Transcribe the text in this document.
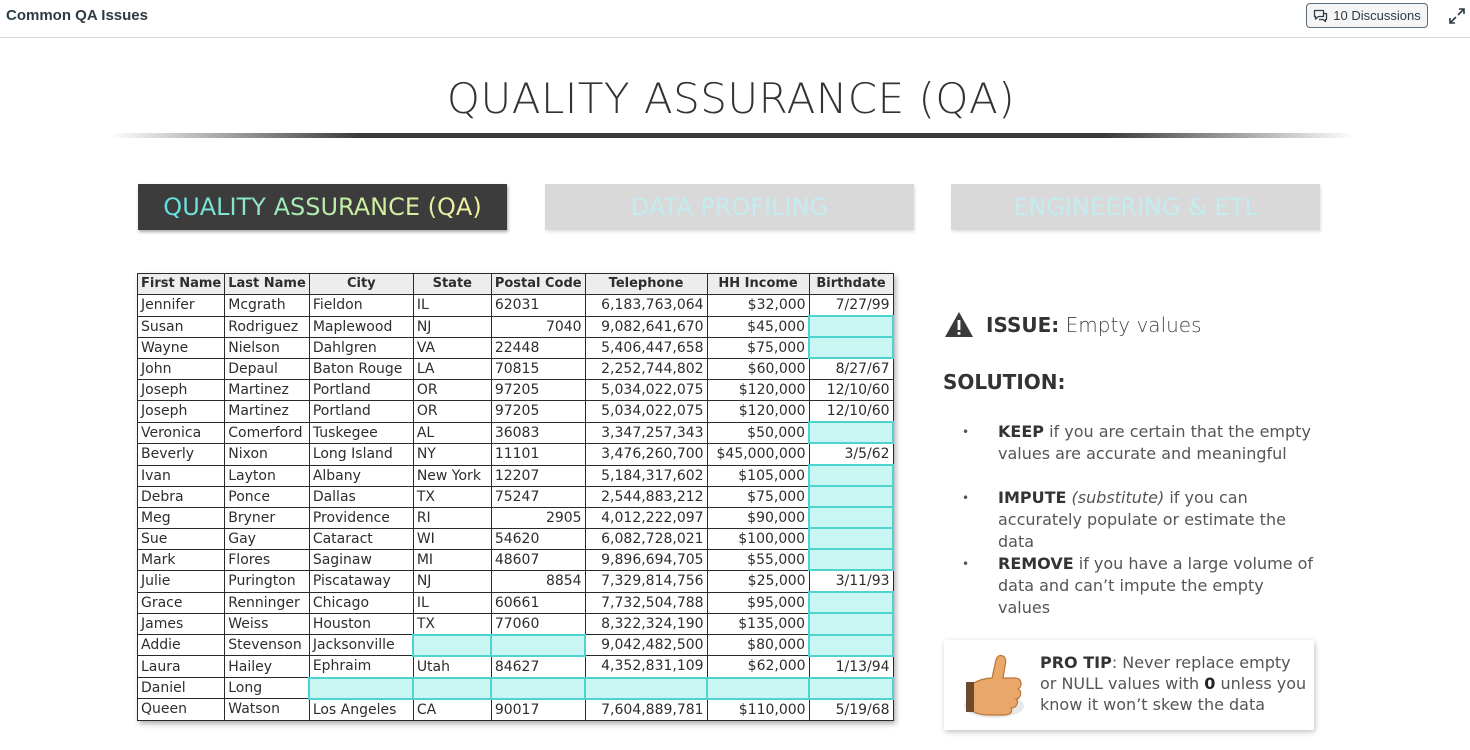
Common QA Issues	10 Discussions
QUALITY ASSURANCE (QA)
QUALITY ASSURANCE (QA)	DATA PROFILING	ENGINEERING & ETL
First Name	Last Name	City	State	Postal Code	Telephone	HH Income	Birthdate
Jennifer	Mcgrath	Fieldon	IL	62031	6,183,763,064	$32,000	7/27/99
Susan	Rodriguez	Maplewood	NJ	7040	9,082,641,670	$45,000	
Wayne	Nielson	Dahlgren	VA	22448	5,406,447,658	$75,000	
John	Depaul	Baton Rouge	LA	70815	2,252,744,802	$60,000	8/27/67
Joseph	Martinez	Portland	OR	97205	5,034,022,075	$120,000	12/10/60
Joseph	Martinez	Portland	OR	97205	5,034,022,075	$120,000	12/10/60
Veronica	Comerford	Tuskegee	AL	36083	3,347,257,343	$50,000	
Beverly	Nixon	Long Island	NY	11101	3,476,260,700	$45,000,000	3/5/62
Ivan	Layton	Albany	New York	12207	5,184,317,602	$105,000	
Debra	Ponce	Dallas	TX	75247	2,544,883,212	$75,000	
Meg	Bryner	Providence	RI	2905	4,012,222,097	$90,000	
Sue	Gay	Cataract	WI	54620	6,082,728,021	$100,000	
Mark	Flores	Saginaw	MI	48607	9,896,694,705	$55,000	
Julie	Purington	Piscataway	NJ	8854	7,329,814,756	$25,000	3/11/93
Grace	Renninger	Chicago	IL	60661	7,732,504,788	$95,000	
James	Weiss	Houston	TX	77060	8,322,324,190	$135,000	
Addie	Stevenson	Jacksonville			9,042,482,500	$80,000	
Laura	Hailey	Ephraim	Utah	84627	4,352,831,109	$62,000	1/13/94
Daniel	Long						
Queen	Watson	Los Angeles	CA	90017	7,604,889,781	$110,000	5/19/68
ISSUE: Empty values
SOLUTION:
• KEEP if you are certain that the empty values are accurate and meaningful
• IMPUTE (substitute) if you can accurately populate or estimate the data
• REMOVE if you have a large volume of data and can’t impute the empty values
PRO TIP: Never replace empty or NULL values with 0 unless you know it won’t skew the data
